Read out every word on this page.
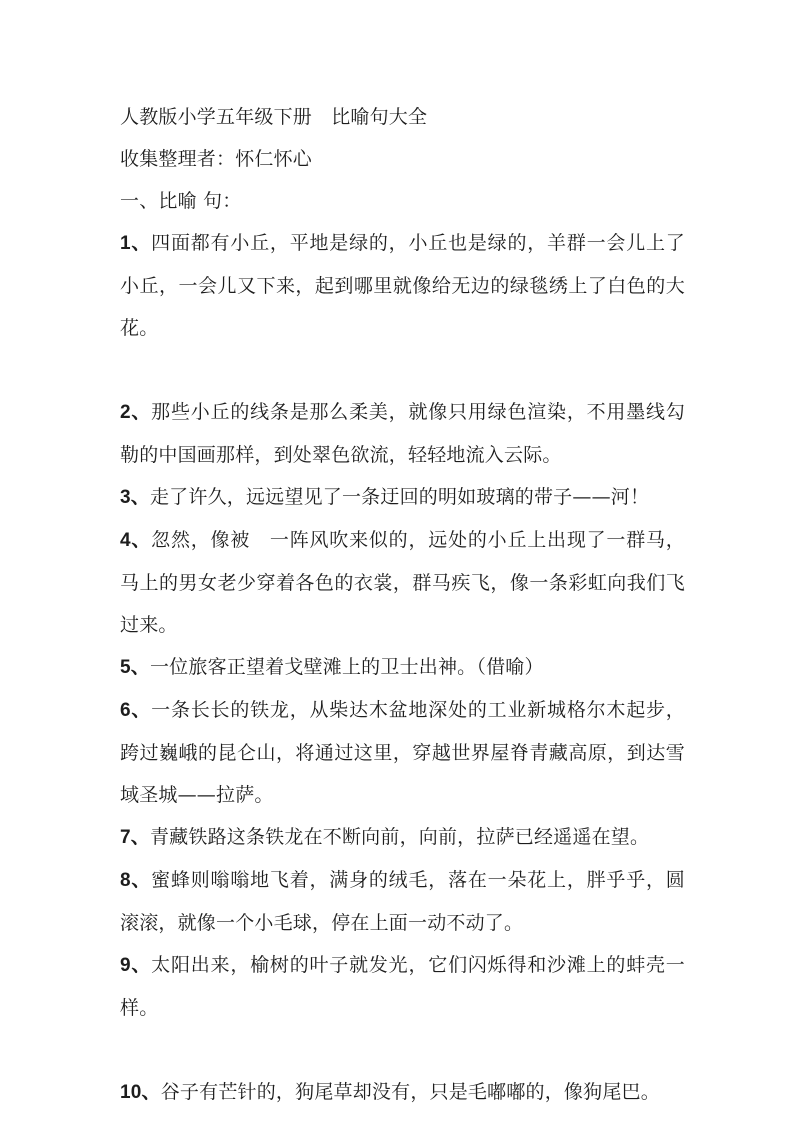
人教版小学五年级下册　比喻句大全

收集整理者：怀仁怀心

一、比喻 句：

1、四面都有小丘，平地是绿的，小丘也是绿的，羊群一会儿上了小丘，一会儿又下来，起到哪里就像给无边的绿毯绣上了白色的大花。

2、那些小丘的线条是那么柔美，就像只用绿色渲染，不用墨线勾勒的中国画那样，到处翠色欲流，轻轻地流入云际。

3、走了许久，远远望见了一条迂回的明如玻璃的带子——河！

4、忽然，像被　一阵风吹来似的，远处的小丘上出现了一群马，马上的男女老少穿着各色的衣裳，群马疾飞，像一条彩虹向我们飞过来。

5、一位旅客正望着戈壁滩上的卫士出神。（借喻）

6、一条长长的铁龙，从柴达木盆地深处的工业新城格尔木起步，跨过巍峨的昆仑山，将通过这里，穿越世界屋脊青藏高原，到达雪域圣城——拉萨。

7、青藏铁路这条铁龙在不断向前，向前，拉萨已经遥遥在望。

8、蜜蜂则嗡嗡地飞着，满身的绒毛，落在一朵花上，胖乎乎，圆滚滚，就像一个小毛球，停在上面一动不动了。

9、太阳出来，榆树的叶子就发光，它们闪烁得和沙滩上的蚌壳一样。

10、谷子有芒针的，狗尾草却没有，只是毛嘟嘟的，像狗尾巴。
